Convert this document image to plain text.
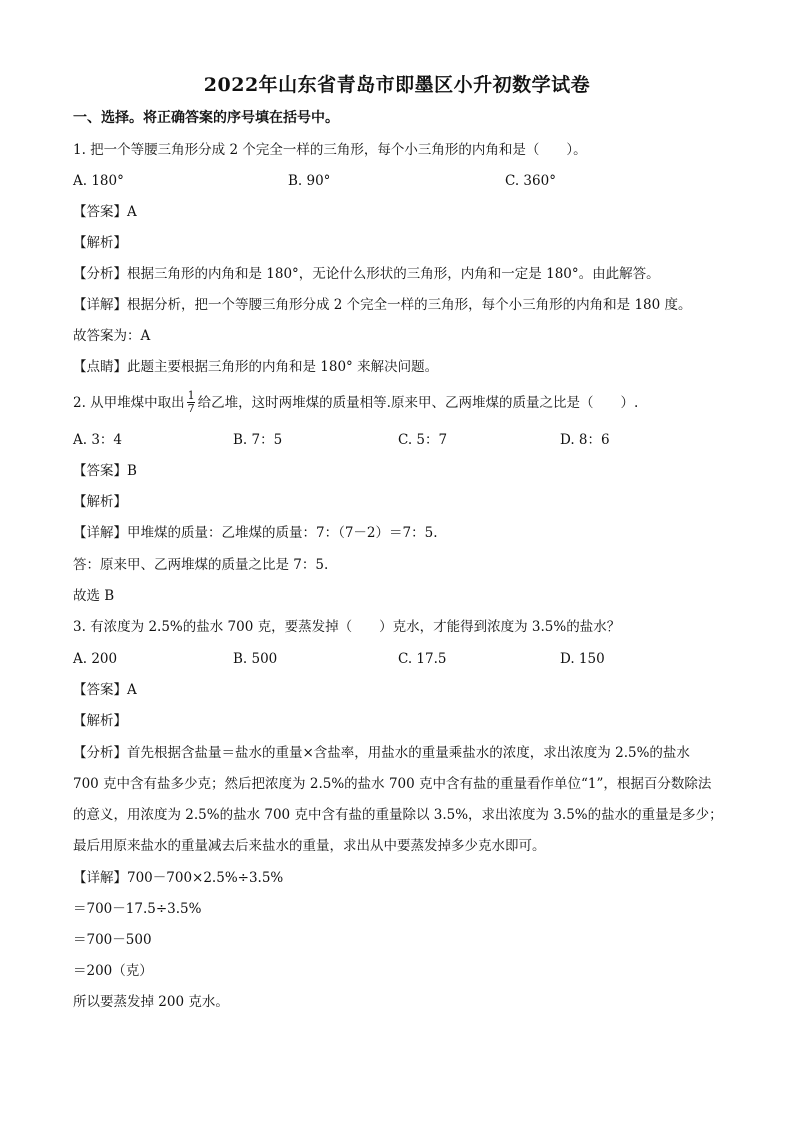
2022年山东省青岛市即墨区小升初数学试卷
一、选择。将正确答案的序号填在括号中。
1. 把一个等腰三角形分成 2 个完全一样的三角形，每个小三角形的内角和是（　　）。
A. 180°	B. 90°	C. 360°
【答案】A
【解析】
【分析】根据三角形的内角和是 180°，无论什么形状的三角形，内角和一定是 180°。由此解答。
【详解】根据分析，把一个等腰三角形分成 2 个完全一样的三角形，每个小三角形的内角和是 180 度。
故答案为：A
【点睛】此题主要根据三角形的内角和是 180° 来解决问题。
2. 从甲堆煤中取出 $\frac{1}{7}$ 给乙堆，这时两堆煤的质量相等.原来甲、乙两堆煤的质量之比是（　　）.
A. 3：4	B. 7：5	C. 5：7	D. 8：6
【答案】B
【解析】
【详解】甲堆煤的质量：乙堆煤的质量：7：（7－2）＝7：5.
答：原来甲、乙两堆煤的质量之比是 7：5.
故选 B
3. 有浓度为 2.5%的盐水 700 克，要蒸发掉（　　）克水，才能得到浓度为 3.5%的盐水？
A. 200	B. 500	C. 17.5	D. 150
【答案】A
【解析】
【分析】首先根据含盐量＝盐水的重量×含盐率，用盐水的重量乘盐水的浓度，求出浓度为 2.5%的盐水
700 克中含有盐多少克；然后把浓度为 2.5%的盐水 700 克中含有盐的重量看作单位“1”，根据百分数除法
的意义，用浓度为 2.5%的盐水 700 克中含有盐的重量除以 3.5%，求出浓度为 3.5%的盐水的重量是多少；
最后用原来盐水的重量减去后来盐水的重量，求出从中要蒸发掉多少克水即可。
【详解】700－700×2.5%÷3.5%
＝700－17.5÷3.5%
＝700－500
＝200（克）
所以要蒸发掉 200 克水。
